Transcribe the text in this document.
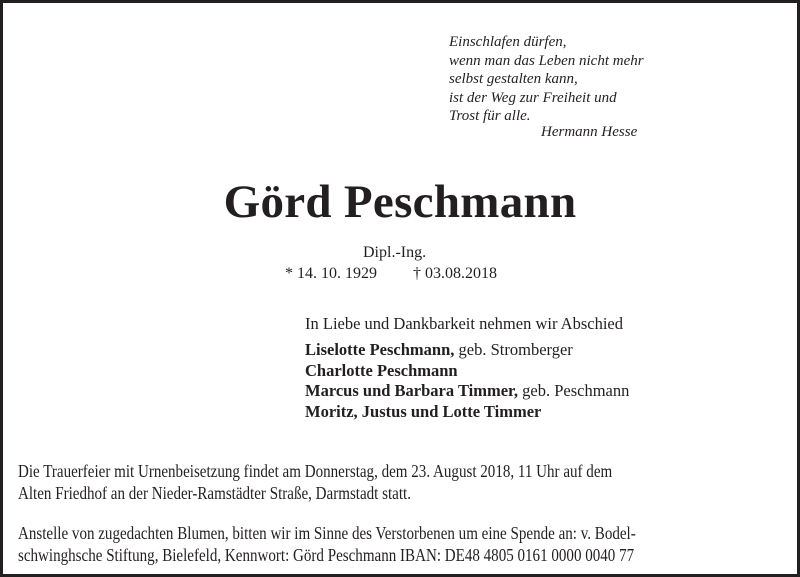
Einschlafen dürfen,
wenn man das Leben nicht mehr
selbst gestalten kann,
ist der Weg zur Freiheit und
Trost für alle.
Hermann Hesse
Görd Peschmann
Dipl.-Ing.
* 14. 10. 1929 † 03.08.2018
In Liebe und Dankbarkeit nehmen wir Abschied
Liselotte Peschmann, geb. Stromberger
Charlotte Peschmann
Marcus und Barbara Timmer, geb. Peschmann
Moritz, Justus und Lotte Timmer
Die Trauerfeier mit Urnenbeisetzung findet am Donnerstag, dem 23. August 2018, 11 Uhr auf dem
Alten Friedhof an der Nieder-Ramstädter Straße, Darmstadt statt.
Anstelle von zugedachten Blumen, bitten wir im Sinne des Verstorbenen um eine Spende an: v. Bodel-
schwinghsche Stiftung, Bielefeld, Kennwort: Görd Peschmann IBAN: DE48 4805 0161 0000 0040 77
